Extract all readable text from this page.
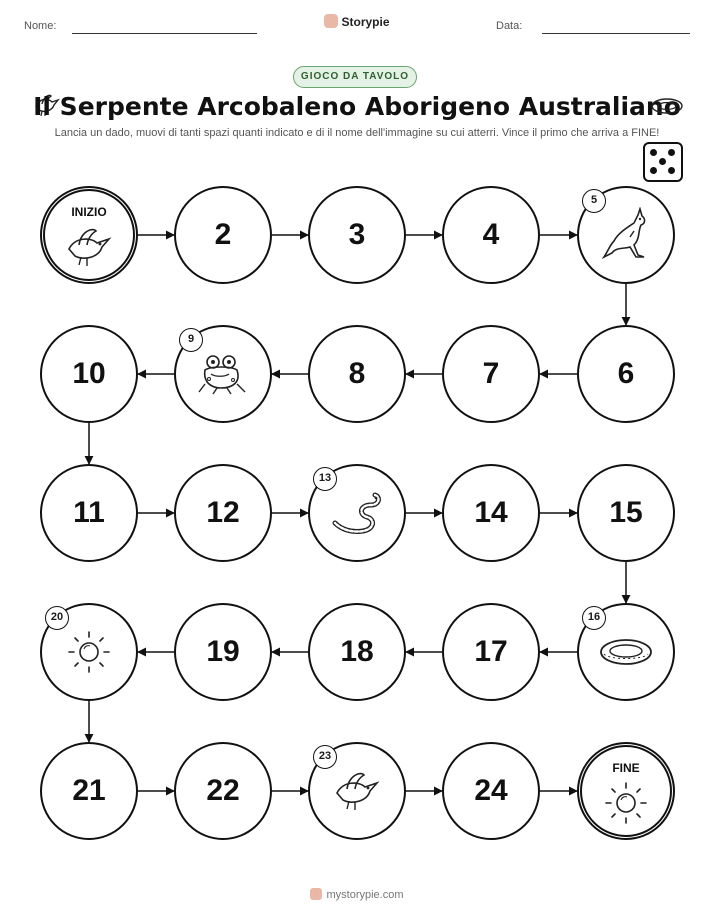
Nome:	Storypie	Data:
GIOCO DA TAVOLO
Il Serpente Arcobaleno Aborigeno Australiano
Lancia un dado, muovi di tanti spazi quanti indicato e di il nome dell'immagine su cui atterri. Vince il primo che arriva a FINE!
INIZIO
2	3	4
5
6
7
8
9
10
11	12
13
14	15
16
17
18
19
20
21	22
23
24
FINE
mystorypie.com
